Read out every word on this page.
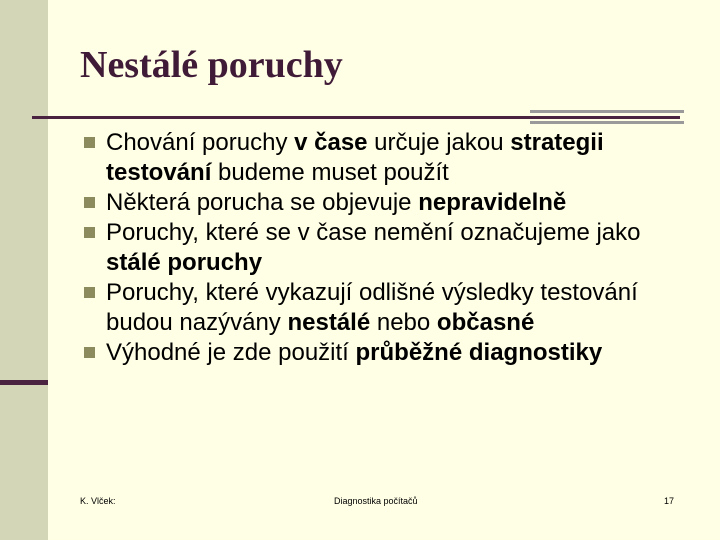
Nestálé poruchy
Chování poruchy v čase určuje jakou strategii testování budeme muset použít
Některá porucha se objevuje nepravidelně
Poruchy, které se v čase nemění označujeme jako stálé poruchy
Poruchy, které vykazují odlišné výsledky testování budou nazývány nestálé nebo občasné
Výhodné je zde použití průběžné diagnostiky
K. Vlček:	Diagnostika počítačů	17
